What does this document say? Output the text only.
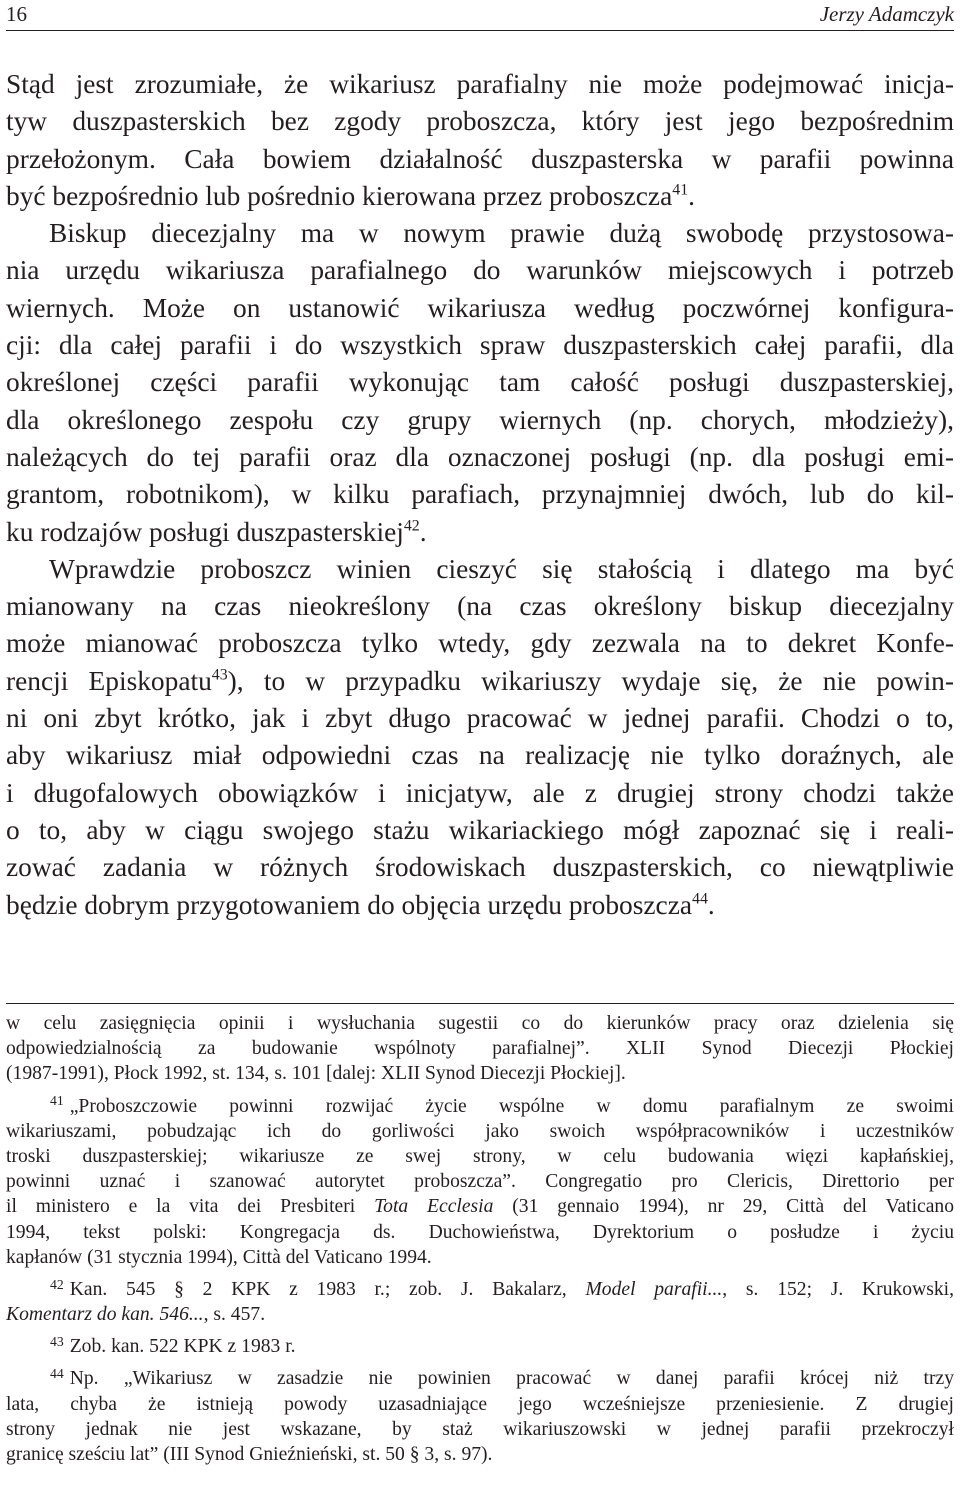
16	Jerzy Adamczyk
Stąd jest zrozumiałe, że wikariusz parafialny nie może podejmować inicja-
tyw duszpasterskich bez zgody proboszcza, który jest jego bezpośrednim
przełożonym. Cała bowiem działalność duszpasterska w parafii powinna
być bezpośrednio lub pośrednio kierowana przez proboszcza$^{41}$.
Biskup diecezjalny ma w nowym prawie dużą swobodę przystosowa-
nia urzędu wikariusza parafialnego do warunków miejscowych i potrzeb
wiernych. Może on ustanowić wikariusza według poczwórnej konfigura-
cji: dla całej parafii i do wszystkich spraw duszpasterskich całej parafii, dla
określonej części parafii wykonując tam całość posługi duszpasterskiej,
dla określonego zespołu czy grupy wiernych (np. chorych, młodzieży),
należących do tej parafii oraz dla oznaczonej posługi (np. dla posługi emi-
grantom, robotnikom), w kilku parafiach, przynajmniej dwóch, lub do kil-
ku rodzajów posługi duszpasterskiej$^{42}$.
Wprawdzie proboszcz winien cieszyć się stałością i dlatego ma być
mianowany na czas nieokreślony (na czas określony biskup diecezjalny
może mianować proboszcza tylko wtedy, gdy zezwala na to dekret Konfe-
rencji Episkopatu$^{43}$), to w przypadku wikariuszy wydaje się, że nie powin-
ni oni zbyt krótko, jak i zbyt długo pracować w jednej parafii. Chodzi o to,
aby wikariusz miał odpowiedni czas na realizację nie tylko doraźnych, ale
i długofalowych obowiązków i inicjatyw, ale z drugiej strony chodzi także
o to, aby w ciągu swojego stażu wikariackiego mógł zapoznać się i reali-
zować zadania w różnych środowiskach duszpasterskich, co niewątpliwie
będzie dobrym przygotowaniem do objęcia urzędu proboszcza$^{44}$.
w celu zasięgnięcia opinii i wysłuchania sugestii co do kierunków pracy oraz dzielenia się
odpowiedzialnością za budowanie wspólnoty parafialnej”. XLII Synod Diecezji Płockiej
(1987-1991), Płock 1992, st. 134, s. 101 [dalej: XLII Synod Diecezji Płockiej].
$^{41}$ „Proboszczowie powinni rozwijać życie wspólne w domu parafialnym ze swoimi
wikariuszami, pobudzając ich do gorliwości jako swoich współpracowników i uczestników
troski duszpasterskiej; wikariusze ze swej strony, w celu budowania więzi kapłańskiej,
powinni uznać i szanować autorytet proboszcza”. Congregatio pro Clericis, Direttorio per
il ministero e la vita dei Presbiteri Tota Ecclesia (31 gennaio 1994), nr 29, Città del Vaticano
1994, tekst polski: Kongregacja ds. Duchowieństwa, Dyrektorium o posłudze i życiu
kapłanów (31 stycznia 1994), Città del Vaticano 1994.
$^{42}$ Kan. 545 § 2 KPK z 1983 r.; zob. J. Bakalarz, Model parafii..., s. 152; J. Krukowski,
Komentarz do kan. 546..., s. 457.
$^{43}$ Zob. kan. 522 KPK z 1983 r.
$^{44}$ Np. „Wikariusz w zasadzie nie powinien pracować w danej parafii krócej niż trzy
lata, chyba że istnieją powody uzasadniające jego wcześniejsze przeniesienie. Z drugiej
strony jednak nie jest wskazane, by staż wikariuszowski w jednej parafii przekroczył
granicę sześciu lat” (III Synod Gnieźnieński, st. 50 § 3, s. 97).
